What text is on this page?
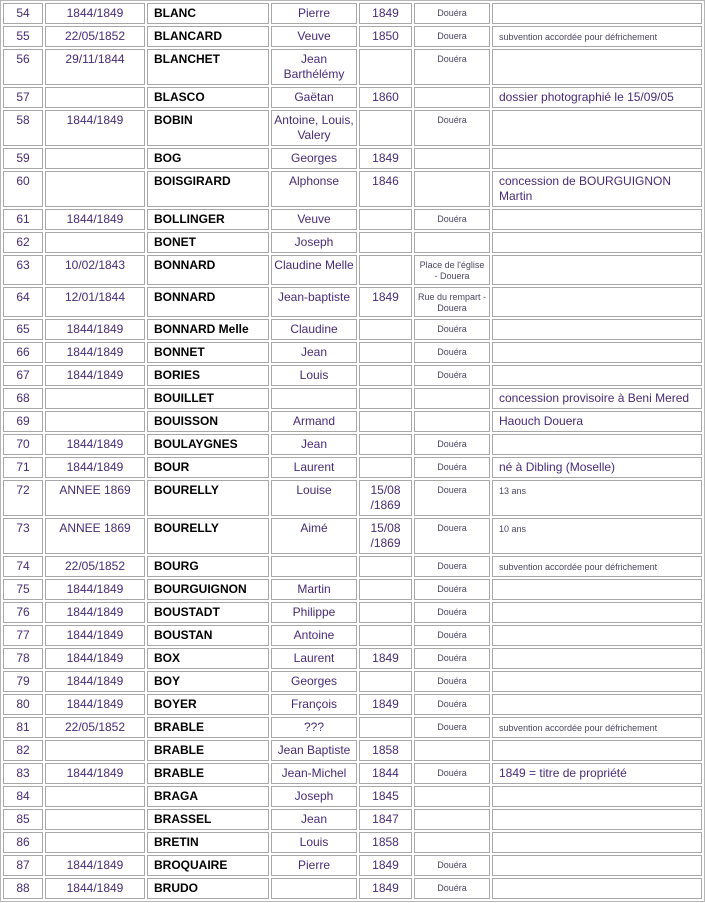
54	1844/1849	BLANC	Pierre	1849	Douéra	
55	22/05/1852	BLANCARD	Veuve	1850	Douera	subvention accordée pour défrichement
56	29/11/1844	BLANCHET	Jean Barthélémy		Douéra	
57		BLASCO	Gaëtan	1860		dossier photographié le 15/09/05
58	1844/1849	BOBIN	Antoine, Louis, Valery		Douéra	
59		BOG	Georges	1849		
60		BOISGIRARD	Alphonse	1846		concession de BOURGUIGNON Martin
61	1844/1849	BOLLINGER	Veuve		Douéra	
62		BONET	Joseph			
63	10/02/1843	BONNARD	Claudine Melle		Place de l'église - Douera	
64	12/01/1844	BONNARD	Jean-baptiste	1849	Rue du rempart - Douera	
65	1844/1849	BONNARD Melle	Claudine		Douéra	
66	1844/1849	BONNET	Jean		Douéra	
67	1844/1849	BORIES	Louis		Douéra	
68		BOUILLET				concession provisoire à Beni Mered
69		BOUISSON	Armand			Haouch Douera
70	1844/1849	BOULAYGNES	Jean		Douéra	
71	1844/1849	BOUR	Laurent		Douéra	né à Dibling (Moselle)
72	ANNEE 1869	BOURELLY	Louise	15/08 /1869	Douera	13 ans
73	ANNEE 1869	BOURELLY	Aimé	15/08 /1869	Douera	10 ans
74	22/05/1852	BOURG			Douera	subvention accordée pour défrichement
75	1844/1849	BOURGUIGNON	Martin		Douéra	
76	1844/1849	BOUSTADT	Philippe		Douéra	
77	1844/1849	BOUSTAN	Antoine		Douéra	
78	1844/1849	BOX	Laurent	1849	Douéra	
79	1844/1849	BOY	Georges		Douéra	
80	1844/1849	BOYER	François	1849	Douéra	
81	22/05/1852	BRABLE	???		Douera	subvention accordée pour défrichement
82		BRABLE	Jean Baptiste	1858		
83	1844/1849	BRABLE	Jean-Michel	1844	Douéra	1849 = titre de propriété
84		BRAGA	Joseph	1845		
85		BRASSEL	Jean	1847		
86		BRETIN	Louis	1858		
87	1844/1849	BROQUAIRE	Pierre	1849	Douéra	
88	1844/1849	BRUDO		1849	Douéra	
